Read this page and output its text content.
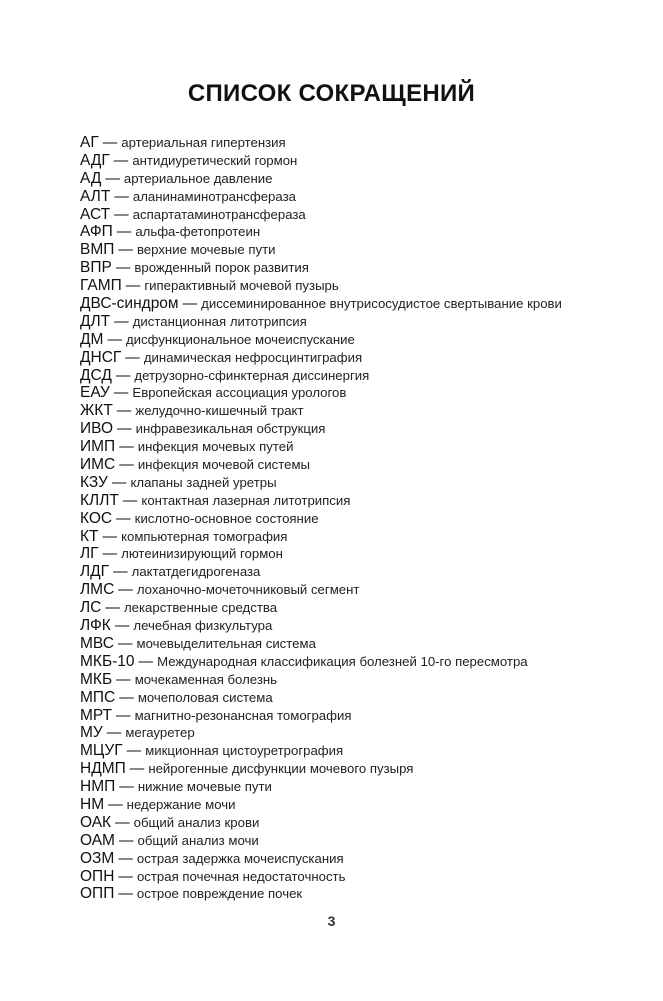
СПИСОК СОКРАЩЕНИЙ
АГ — артериальная гипертензия
АДГ — антидиуретический гормон
АД — артериальное давление
АЛТ — аланинаминотрансфераза
АСТ — аспартатаминотрансфераза
АФП — альфа-фетопротеин
ВМП — верхние мочевые пути
ВПР — врожденный порок развития
ГАМП — гиперактивный мочевой пузырь
ДВС-синдром — диссеминированное внутрисосудистое свертывание крови
ДЛТ — дистанционная литотрипсия
ДМ — дисфункциональное мочеиспускание
ДНСГ — динамическая нефросцинтиграфия
ДСД — детрузорно-сфинктерная диссинергия
ЕАУ — Европейская ассоциация урологов
ЖКТ — желудочно-кишечный тракт
ИВО — инфравезикальная обструкция
ИМП — инфекция мочевых путей
ИМС — инфекция мочевой системы
КЗУ — клапаны задней уретры
КЛЛТ — контактная лазерная литотрипсия
КОС — кислотно-основное состояние
КТ — компьютерная томография
ЛГ — лютеинизирующий гормон
ЛДГ — лактатдегидрогеназа
ЛМС — лоханочно-мочеточниковый сегмент
ЛС — лекарственные средства
ЛФК — лечебная физкультура
МВС — мочевыделительная система
МКБ-10 — Международная классификация болезней 10-го пересмотра
МКБ — мочекаменная болезнь
МПС — мочеполовая система
МРТ — магнитно-резонансная томография
МУ — мегауретер
МЦУГ — микционная цистоуретрография
НДМП — нейрогенные дисфункции мочевого пузыря
НМП — нижние мочевые пути
НМ — недержание мочи
ОАК — общий анализ крови
ОАМ — общий анализ мочи
ОЗМ — острая задержка мочеиспускания
ОПН — острая почечная недостаточность
ОПП — острое повреждение почек
3
